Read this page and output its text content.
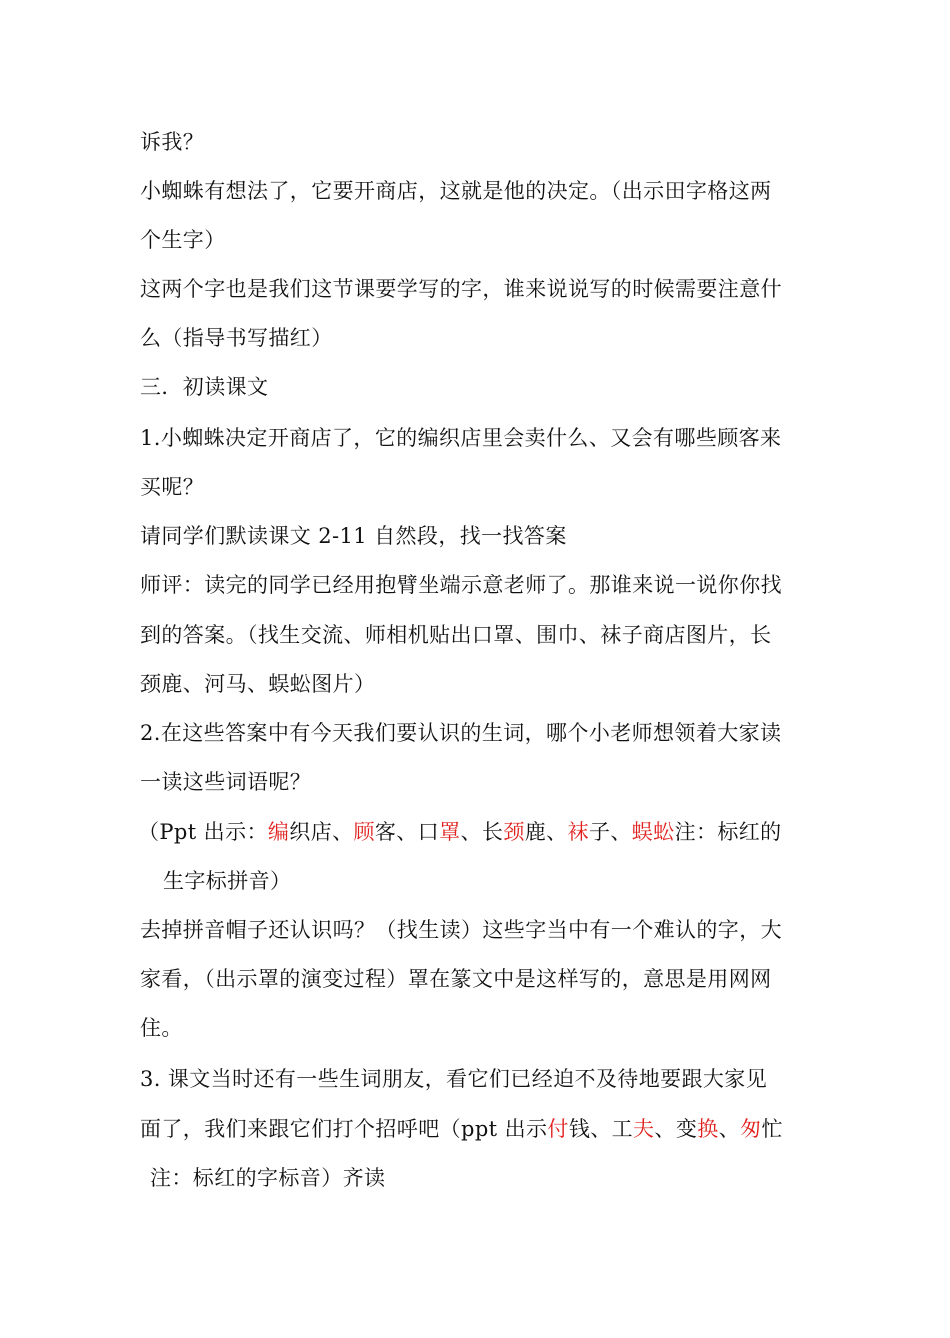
诉我？
小蜘蛛有想法了，它要开商店，这就是他的决定。（出示田字格这两
个生字）
这两个字也是我们这节课要学写的字，谁来说说写的时候需要注意什
么（指导书写描红）
三．初读课文
1.小蜘蛛决定开商店了，它的编织店里会卖什么、又会有哪些顾客来
买呢？
请同学们默读课文 2-11 自然段，找一找答案
师评：读完的同学已经用抱臂坐端示意老师了。那谁来说一说你你找
到的答案。（找生交流、师相机贴出口罩、围巾、袜子商店图片，长
颈鹿、河马、蜈蚣图片）
2.在这些答案中有今天我们要认识的生词，哪个小老师想领着大家读
一读这些词语呢？
（Ppt 出示：编织店、顾客、口罩、长颈鹿、袜子、蜈蚣注：标红的
生字标拼音）
去掉拼音帽子还认识吗？（找生读）这些字当中有一个难认的字，大
家看，（出示罩的演变过程）罩在篆文中是这样写的，意思是用网网
住。
3. 课文当时还有一些生词朋友，看它们已经迫不及待地要跟大家见
面了，我们来跟它们打个招呼吧（ppt 出示付钱、工夫、变换、匆忙
注：标红的字标音）齐读
